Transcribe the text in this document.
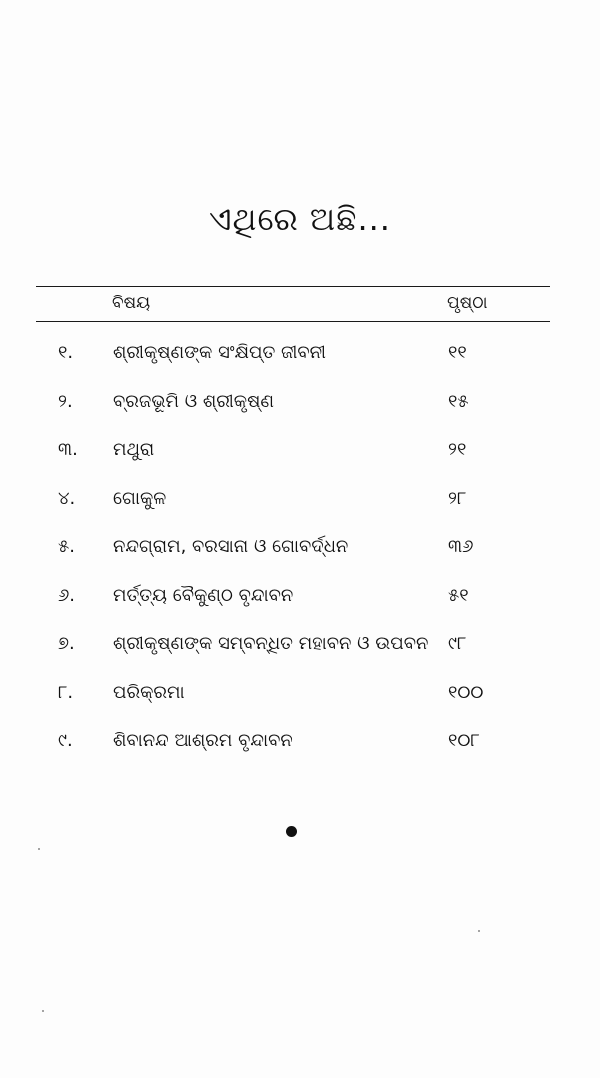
ଏଥିରେ ଅଛି...
ବିଷୟ	ପୃଷ୍ଠା
୧. ଶ୍ରୀକୃଷ୍ଣଙ୍କ ସଂକ୍ଷିପ୍ତ ଜୀବନୀ	୧୧
୨. ବ୍ରଜଭୂମି ଓ ଶ୍ରୀକୃଷ୍ଣ	୧୫
୩. ମଥୁରା	୨୧
୪. ଗୋକୁଳ	୨୮
୫. ନନ୍ଦଗ୍ରାମ, ବରସାନା ଓ ଗୋବର୍ଦ୍ଧନ	୩୬
୬. ମର୍ତ୍ତ୍ୟ ବୈକୁଣ୍ଠ ବୃନ୍ଦାବନ	୫୧
୭. ଶ୍ରୀକୃଷ୍ଣଙ୍କ ସମ୍ବନ୍ଧିତ ମହାବନ ଓ ଉପବନ ୯୮
୮. ପରିକ୍ରମା	୧୦୦
୯. ଶିବାନନ୍ଦ ଆଶ୍ରମ ବୃନ୍ଦାବନ	୧୦୮
